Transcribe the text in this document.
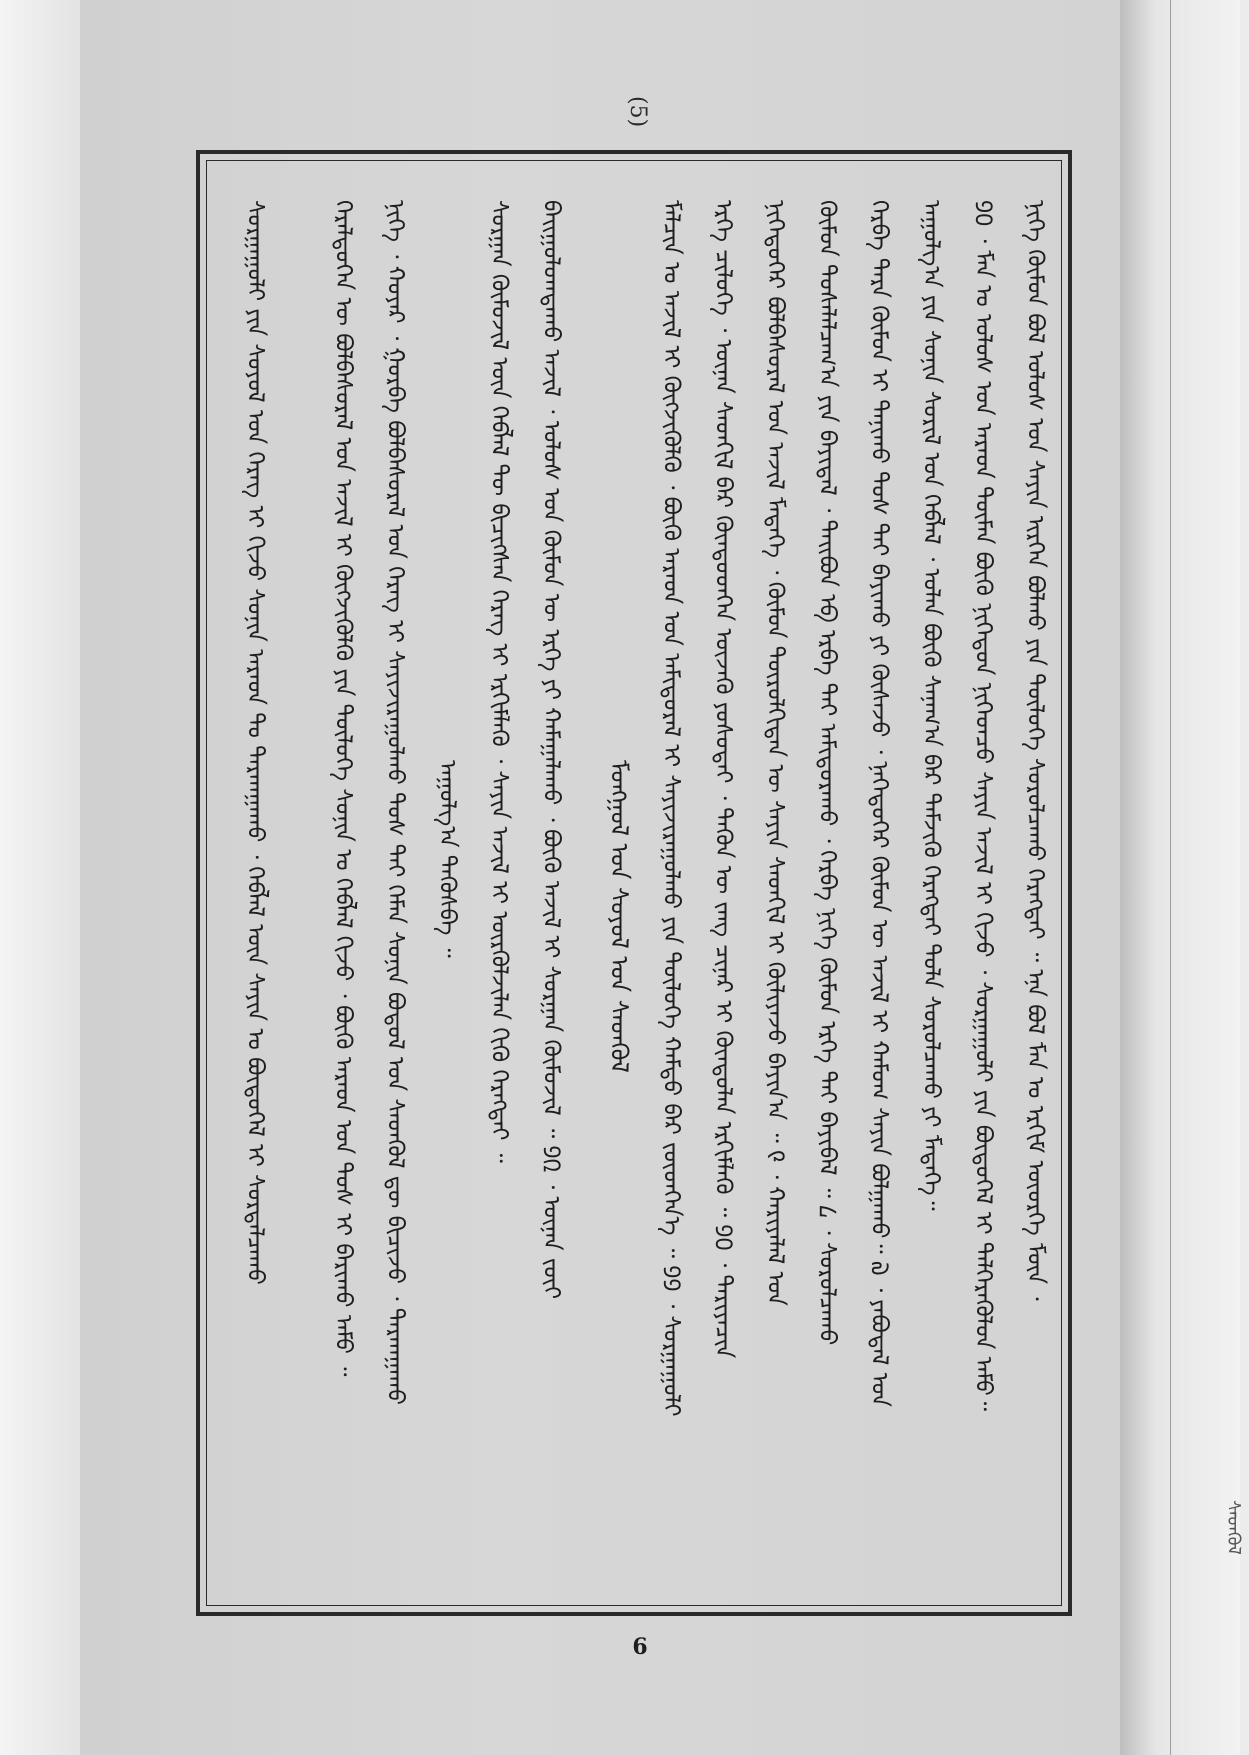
(5)
ᠮᠣᠩᠭᠣᠯ ᠤᠨ ᠰᠣᠶᠣᠯ ᠤᠨ ᠰᠡᠳᠬᠦᠯ
ᠰᠡᠳᠬᠦᠯ
ᠨᠢᠭᠡ ᠬᠦᠮᠦᠨ ᠪᠣᠯ ᠤᠯᠤᠰ ᠤᠨ ᠰᠠᠶᠢᠨ ᠢᠷᠭᠡᠨ ᠪᠣᠯᠬᠤ ᠶᠢᠨ ᠲᠥᠯᠥᠭᠡ ᠰᠤᠷᠤᠯᠴᠠᠬᠤ ᠬᠡᠷᠡᠭᠲᠡᠢ ᠃ ᠡᠨᠡ ᠪᠣᠯ ᠮᠠᠨ ᠤ ᠡᠷᠬᠢᠮ ᠦᠦᠷᠭᠡ ᠮᠥᠨ ᠂
᠑᠐ ᠂ ᠮᠠᠨ ᠤ ᠤᠯᠤᠰ ᠤᠨ ᠠᠷᠠᠳ ᠲᠦᠮᠡᠨ ᠪᠦᠬᠦ ᠨᠢᠭᠡᠳᠦᠨ ᠨᠢᠭᠡᠳᠴᠦ ᠰᠠᠶᠢᠨ ᠠᠵᠢᠯ ᠢ ᠬᠢᠵᠦ ᠂ ᠰᠤᠷᠭᠠᠭᠤᠯᠢ ᠶᠢᠨ ᠪᠦᠲᠦᠭᠡᠯ ᠢ ᠳᠡᠯᠭᠡᠷᠡᠭᠦᠯᠦᠨ ᠠᠮᠤ᠃
ᠠᠭᠤᠯᠭ᠎ᠠ ᠶᠢᠨ ᠰᠣᠨᠢᠨ ᠰᠣᠷᠢᠯ ᠤᠨ ᠬᠡᠪᠯᠡᠯ ᠂ ᠣᠯᠠᠨ ᠪᠦᠬᠦ ᠰᠠᠨᠠᠭ᠎ᠠ ᠪᠡᠷ ᠳᠡᠮᠵᠢᠬᠦ ᠬᠡᠷᠡᠭᠲᠡᠢ ᠲᠤᠯᠠ ᠰᠤᠷᠤᠯᠴᠠᠬᠤ ᠶᠢ ᠮᠡᠳᠡᠭᠡ᠃
ᠬᠡᠷᠪᠡ ᠲᠡᠷᠡ ᠬᠦᠮᠦᠨ ᠢ ᠲᠠᠨᠢᠬᠤ ᠲᠤᠰ ᠲᠠᠢ ᠪᠠᠶᠢᠬᠤ ᠶᠢ ᠬᠦᠰᠡᠵᠦ ᠂ ᠨᠡᠭᠡᠳᠦᠭᠡᠷ ᠬᠦᠮᠦᠨ ᠦ ᠠᠵᠢᠯ ᠢ ᠬᠠᠮᠤᠭ ᠰᠠᠶᠢᠨ ᠪᠣᠯᠭᠠᠬᠤ᠃ ᠗ ᠂ ᠶᠠᠪᠤᠳᠠᠯ ᠤᠨ
ᠬᠦᠮᠦᠨ ᠲᠤᠰᠠᠯᠠᠯᠴᠠᠭ᠎ᠠ ᠶᠢᠨ ᠪᠠᠶᠢᠳᠠᠯ ᠂ ᠲᠠᠢᠪᠤᠨ ᠡᠪ ᠡᠷᠪᠡ ᠲᠡᠢ ᠠᠮᠢᠳᠤᠷᠠᠬᠤ ᠂ ᠬᠡᠷᠪᠡ ᠨᠢᠭᠡ ᠬᠦᠮᠦᠨ ᠡᠷᠬᠡ ᠲᠠᠢ ᠪᠠᠶᠢᠪᠠᠯ ᠃ ᠘ ᠂ ᠰᠤᠷᠤᠯᠴᠠᠬᠤ
ᠨᠢᠭᠡᠳᠦᠭᠡᠷ ᠪᠣᠯᠪᠠᠰᠤᠷᠠᠯ ᠤᠨ ᠠᠵᠢᠯ ᠮᠡᠳᠡᠭᠡ ᠂ ᠬᠦᠮᠦᠨ ᠲᠥᠷᠥᠯᠬᠢᠲᠡᠨ ᠦ ᠰᠠᠶᠢᠨ ᠰᠡᠳᠬᠢᠯ ᠢ ᠬᠦᠯᠢᠶᠡᠵᠦ ᠪᠠᠶᠢᠨ᠎ᠠ ᠃ ᠙ ᠂ ᠬᠠᠷᠢᠶᠠᠯᠠᠯ ᠤᠨ
ᠡᠷᠬᠡ ᠴᠢᠯᠦᠭᠡ ᠂ ᠦᠨᠡᠨ ᠰᠡᠳᠬᠢᠯ ᠪᠠᠷ ᠬᠦᠨᠳᠦᠳᠬᠡᠨ ᠦᠵᠡᠬᠦ ᠶᠣᠰᠣᠳᠠᠢ ᠂ ᠲᠡᠭᠦᠨ ᠦ ᠵᠠᠩ ᠴᠢᠨᠠᠷ ᠢ ᠬᠦᠨᠳᠦᠯᠡᠨ ᠡᠷᠬᠢᠮᠯᠡᠬᠦ ᠃ ᠑᠐ ᠂ ᠲᠠᠷᠢᠶᠠᠴᠢᠨ
ᠮᠠᠯᠴᠢᠨ ᠤ ᠠᠵᠢᠯ ᠢ ᠬᠥᠭᠵᠢᠭᠦᠯᠬᠦ ᠂ ᠪᠦᠬᠦ ᠠᠷᠠᠳ ᠤᠨ ᠠᠮᠢᠳᠤᠷᠠᠯ ᠢ ᠰᠠᠶᠢᠵᠢᠷᠠᠭᠤᠯᠬᠤ ᠶᠢᠨ ᠲᠥᠯᠥᠭᠡ ᠬᠠᠮᠲᠤ ᠪᠡᠷ ᠵᠦᠳᠭᠡᠨ᠎ᠡ ᠃ ᠑᠑ ᠂ ᠰᠤᠷᠭᠠᠭᠤᠯᠢ
ᠪᠠᠢᠭᠤᠯᠤᠭᠳᠠᠬᠤ ᠠᠵᠢᠯ ᠂ ᠤᠯᠤᠰ ᠤᠨ ᠬᠦᠮᠦᠨ ᠦ ᠡᠷᠬᠡ ᠶᠢ ᠬᠠᠮᠠᠭᠠᠯᠠᠬᠤ ᠂ ᠪᠦᠬᠦ ᠠᠵᠢᠯ ᠢ ᠰᠤᠷᠭᠠᠨ ᠬᠦᠮᠦᠵᠢᠯ ᠃ ᠑᠒ ᠂ ᠦᠨᠡᠨ ᠵᠦᠢ
ᠰᠤᠷᠭᠠᠨ ᠬᠦᠮᠦᠵᠢᠯ ᠦᠨ ᠬᠡᠪᠯᠡᠯ ᠲᠦ ᠪᠢᠴᠢᠭᠰᠡᠨ ᠬᠡᠷᠡᠭ ᠢ ᠡᠷᠬᠢᠮᠯᠡᠬᠦ ᠂ ᠰᠠᠶᠢᠨ ᠠᠵᠢᠯ ᠢ ᠦᠷᠭᠦᠯᠵᠢᠯᠡᠨ ᠬᠢᠬᠦ ᠬᠡᠷᠡᠭᠲᠡᠢ ᠃
ᠠᠭᠤᠯᠭ᠎ᠠ ᠲᠡᠭᠦᠰᠪᠡ ᠃
ᠨᠢᠭᠡ ᠂ ᠬᠣᠶᠠᠷ ᠂ ᠭᠤᠷᠪᠠ ᠪᠣᠯᠪᠠᠰᠤᠷᠠᠯ ᠤᠨ ᠬᠡᠷᠡᠭ ᠢ ᠰᠠᠶᠢᠵᠢᠷᠠᠭᠤᠯᠬᠤ ᠲᠤᠰ ᠲᠠᠢ ᠬᠡᠮᠡᠨ ᠰᠣᠨᠢᠨ ᠪᠣᠳᠤᠯ ᠤᠨ ᠰᠡᠳᠬᠦᠯ ᠳᠦ ᠪᠢᠴᠢᠵᠦ ᠂ ᠲᠠᠷᠬᠠᠭᠠᠬᠤ
ᠭᠡᠷᠡᠯᠲᠦᠭᠡᠨ ᠦ ᠪᠣᠯᠪᠠᠰᠤᠷᠠᠯ ᠤᠨ ᠠᠵᠢᠯ ᠢ ᠬᠥᠭᠵᠢᠭᠦᠯᠬᠦ ᠶᠢᠨ ᠲᠥᠯᠥᠭᠡ ᠰᠣᠨᠢᠨ ᠤ ᠬᠡᠪᠯᠡᠯ ᠬᠢᠵᠦ ᠂ ᠪᠦᠬᠦ ᠠᠷᠠᠳ ᠤᠨ ᠲᠤᠰ ᠢ ᠪᠠᠷᠢᠬᠤ ᠠᠮᠤ ᠃
ᠰᠤᠷᠭᠠᠭᠤᠯᠢ ᠶᠢᠨ ᠰᠣᠶᠣᠯ ᠤᠨ ᠬᠡᠷᠡᠭ ᠢ ᠬᠢᠵᠦ ᠰᠣᠨᠢᠨ ᠠᠷᠠᠳ ᠲᠤ ᠲᠠᠷᠬᠠᠭᠠᠬᠤ ᠂ ᠬᠡᠪᠯᠡᠯ ᠦᠨ ᠰᠠᠶᠢᠨ ᠤ ᠪᠦᠲᠦᠭᠡᠯ ᠢ ᠰᠤᠷᠲᠠᠯᠴᠠᠬᠤ
6
